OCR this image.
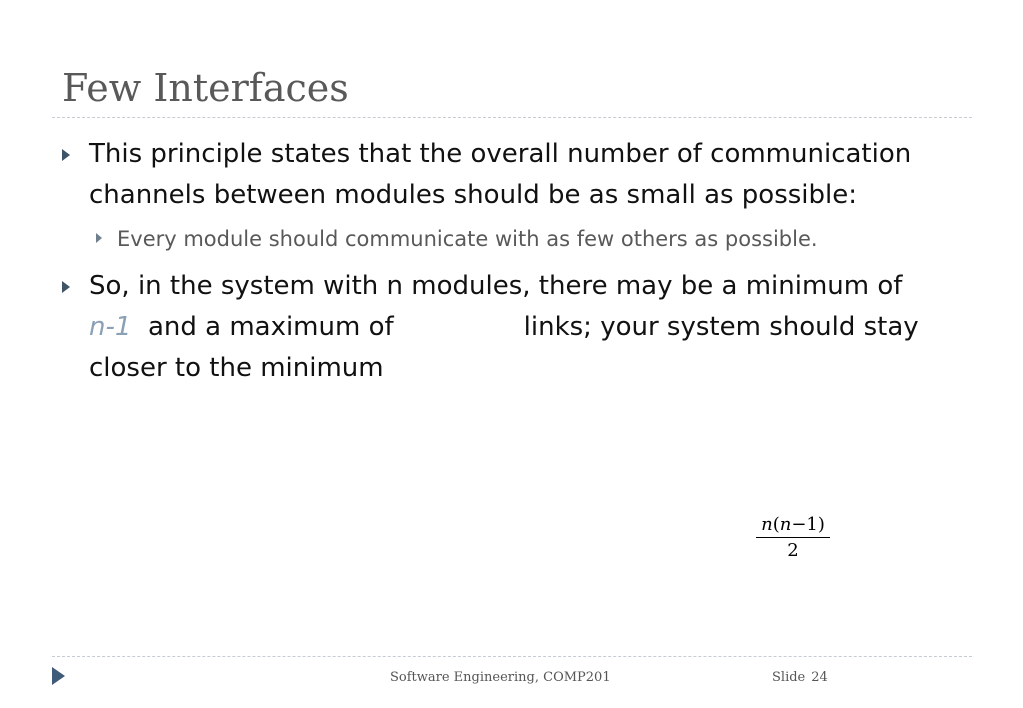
Few Interfaces
This principle states that the overall number of communication
channels between modules should be as small as possible:
Every module should communicate with as few others as possible.
So, in the system with n modules, there may be a minimum of
n-1 and a maximum of	links; your system should stay
closer to the minimum
$\frac{n(n-1)}{2}$
Software Engineering, COMP201	Slide 24
